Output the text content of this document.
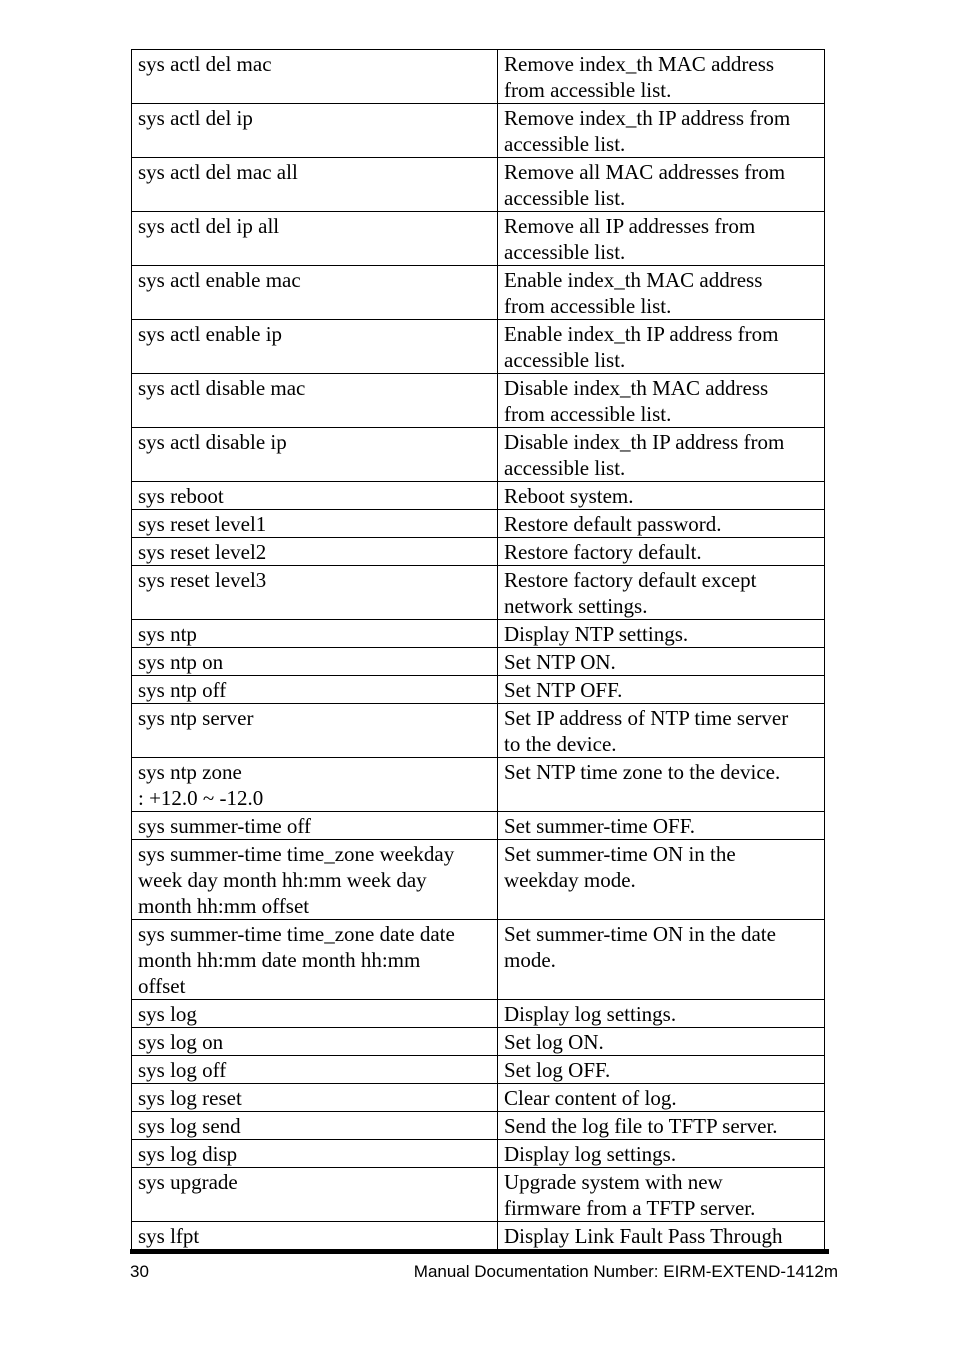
sys actl del mac	Remove index_th MAC address
from accessible list.
sys actl del ip	Remove index_th IP address from
accessible list.
sys actl del mac all	Remove all MAC addresses from
accessible list.
sys actl del ip all	Remove all IP addresses from
accessible list.
sys actl enable mac	Enable index_th MAC address
from accessible list.
sys actl enable ip	Enable index_th IP address from
accessible list.
sys actl disable mac	Disable index_th MAC address
from accessible list.
sys actl disable ip	Disable index_th IP address from
accessible list.
sys reboot	Reboot system.
sys reset level1	Restore default password.
sys reset level2	Restore factory default.
sys reset level3	Restore factory default except
network settings.
sys ntp	Display NTP settings.
sys ntp on	Set NTP ON.
sys ntp off	Set NTP OFF.
sys ntp server	Set IP address of NTP time server
to the device.
sys ntp zone
: +12.0 ~ -12.0	Set NTP time zone to the device.
sys summer-time off	Set summer-time OFF.
sys summer-time time_zone weekday
week day month hh:mm week day
month hh:mm offset	Set summer-time ON in the
weekday mode.
sys summer-time time_zone date date
month hh:mm date month hh:mm
offset	Set summer-time ON in the date
mode.
sys log	Display log settings.
sys log on	Set log ON.
sys log off	Set log OFF.
sys log reset	Clear content of log.
sys log send	Send the log file to TFTP server.
sys log disp	Display log settings.
sys upgrade	Upgrade system with new
firmware from a TFTP server.
sys lfpt	Display Link Fault Pass Through
30	Manual Documentation Number: EIRM-EXTEND-1412m
